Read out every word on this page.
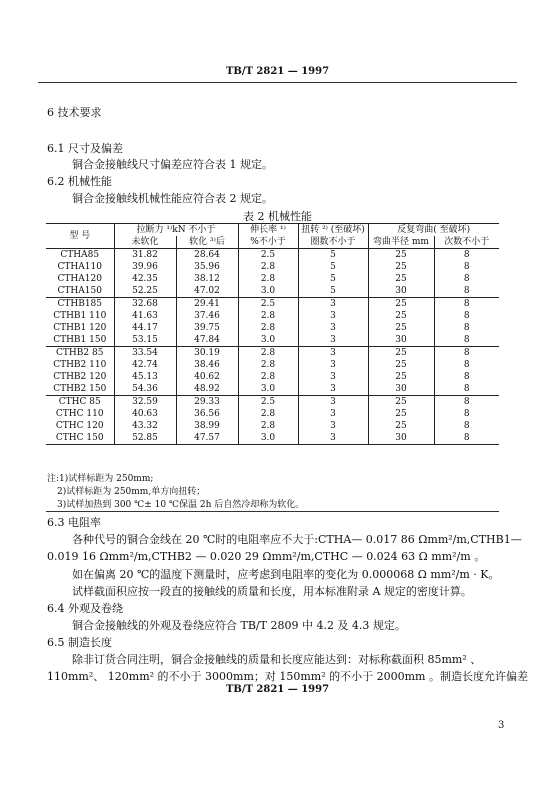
TB/T 2821 — 1997
6 技术要求
6.1 尺寸及偏差
铜合金接触线尺寸偏差应符合表 1 规定。
6.2 机械性能
铜合金接触线机械性能应符合表 2 规定。
表 2 机械性能
型 号	拉断力 ¹⁾kN 不小于		伸长率 ¹⁾	扭转 ²⁾ (至破坏)	反复弯曲( 至破坏)	
	未软化	软化 ³⁾后	%不小于	圈数不小于	弯曲半径 mm	次数不小于
CTHA85	31.82	28.64	2.5	5	25	8
CTHA110	39.96	35.96	2.8	5	25	8
CTHA120	42.35	38.12	2.8	5	25	8
CTHA150	52.25	47.02	3.0	5	30	8
CTHB185	32.68	29.41	2.5	3	25	8
CTHB1 110	41.63	37.46	2.8	3	25	8
CTHB1 120	44.17	39.75	2.8	3	25	8
CTHB1 150	53.15	47.84	3.0	3	30	8
CTHB2 85	33.54	30.19	2.8	3	25	8
CTHB2 110	42.74	38.46	2.8	3	25	8
CTHB2 120	45.13	40.62	2.8	3	25	8
CTHB2 150	54.36	48.92	3.0	3	30	8
CTHC 85	32.59	29.33	2.5	3	25	8
CTHC 110	40.63	36.56	2.8	3	25	8
CTHC 120	43.32	38.99	2.8	3	25	8
CTHC 150	52.85	47.57	3.0	3	30	8

注:1)试样标距为 250mm;
2)试样标距为 250mm,单方向扭转；
3)试样加热到 300 ℃± 10 ℃保温 2h 后自然冷却称为软化。
6.3 电阻率
各种代号的铜合金线在 20 ℃时的电阻率应不大于:CTHA— 0.017 86 Ωmm²/m,CTHB1—
0.019 16 Ωmm²/m,CTHB2 — 0.020 29 Ωmm²/m,CTHC — 0.024 63 Ω mm²/m 。
如在偏离 20 ℃的温度下测量时，应考虑到电阻率的变化为 0.000068 Ω mm²/m · K。
试样截面积应按一段直的接触线的质量和长度，用本标准附录 A 规定的密度计算。
6.4 外观及卷绕
铜合金接触线的外观及卷绕应符合 TB/T 2809 中 4.2 及 4.3 规定。
6.5 制造长度
除非订货合同注明，铜合金接触线的质量和长度应能达到：对标称截面积 85mm² 、
110mm²、 120mm² 的不小于 3000mm；对 150mm² 的不小于 2000mm 。制造长度允许偏差
TB/T 2821 — 1997
3
